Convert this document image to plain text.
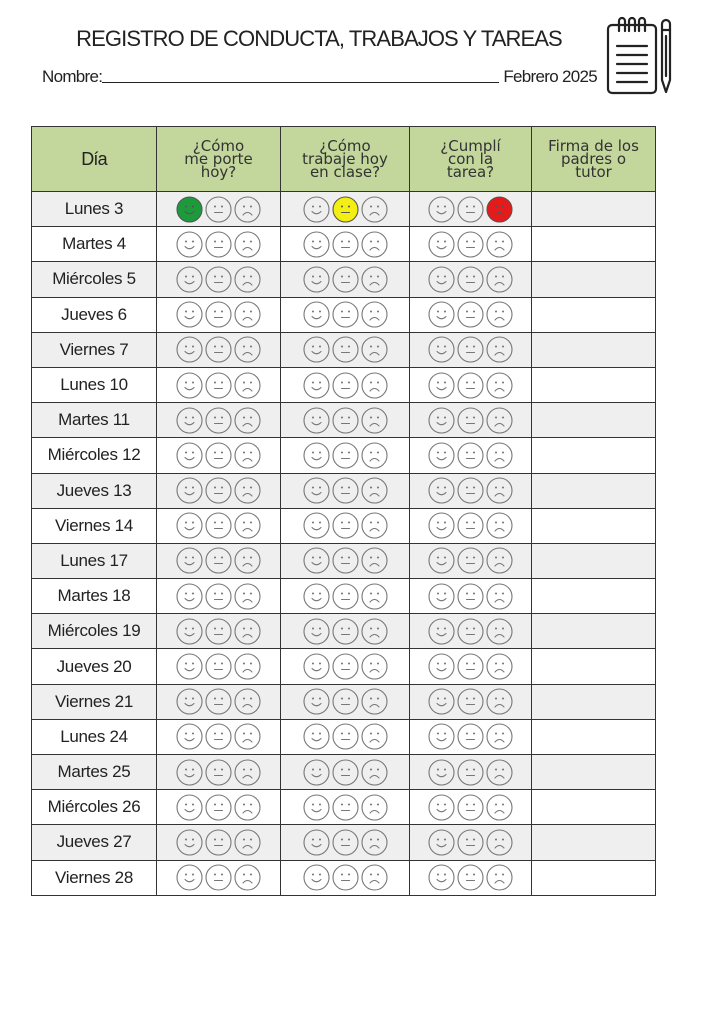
REGISTRO DE CONDUCTA, TRABAJOS Y TAREAS
Nombre:	Febrero 2025
Día	¿Cómo
me porte
hoy?	¿Cómo
trabaje hoy
en clase?	¿Cumplí
con la
tarea?	Firma de los
padres o
tutor
Lunes 3	

Martes 4	

Miércoles 5	

Jueves 6	

Viernes 7	

Lunes 10	

Martes 11	

Miércoles 12	

Jueves 13	

Viernes 14	

Lunes 17	

Martes 18	

Miércoles 19	

Jueves 20	

Viernes 21	

Lunes 24	

Martes 25	

Miércoles 26	

Jueves 27	

Viernes 28	
